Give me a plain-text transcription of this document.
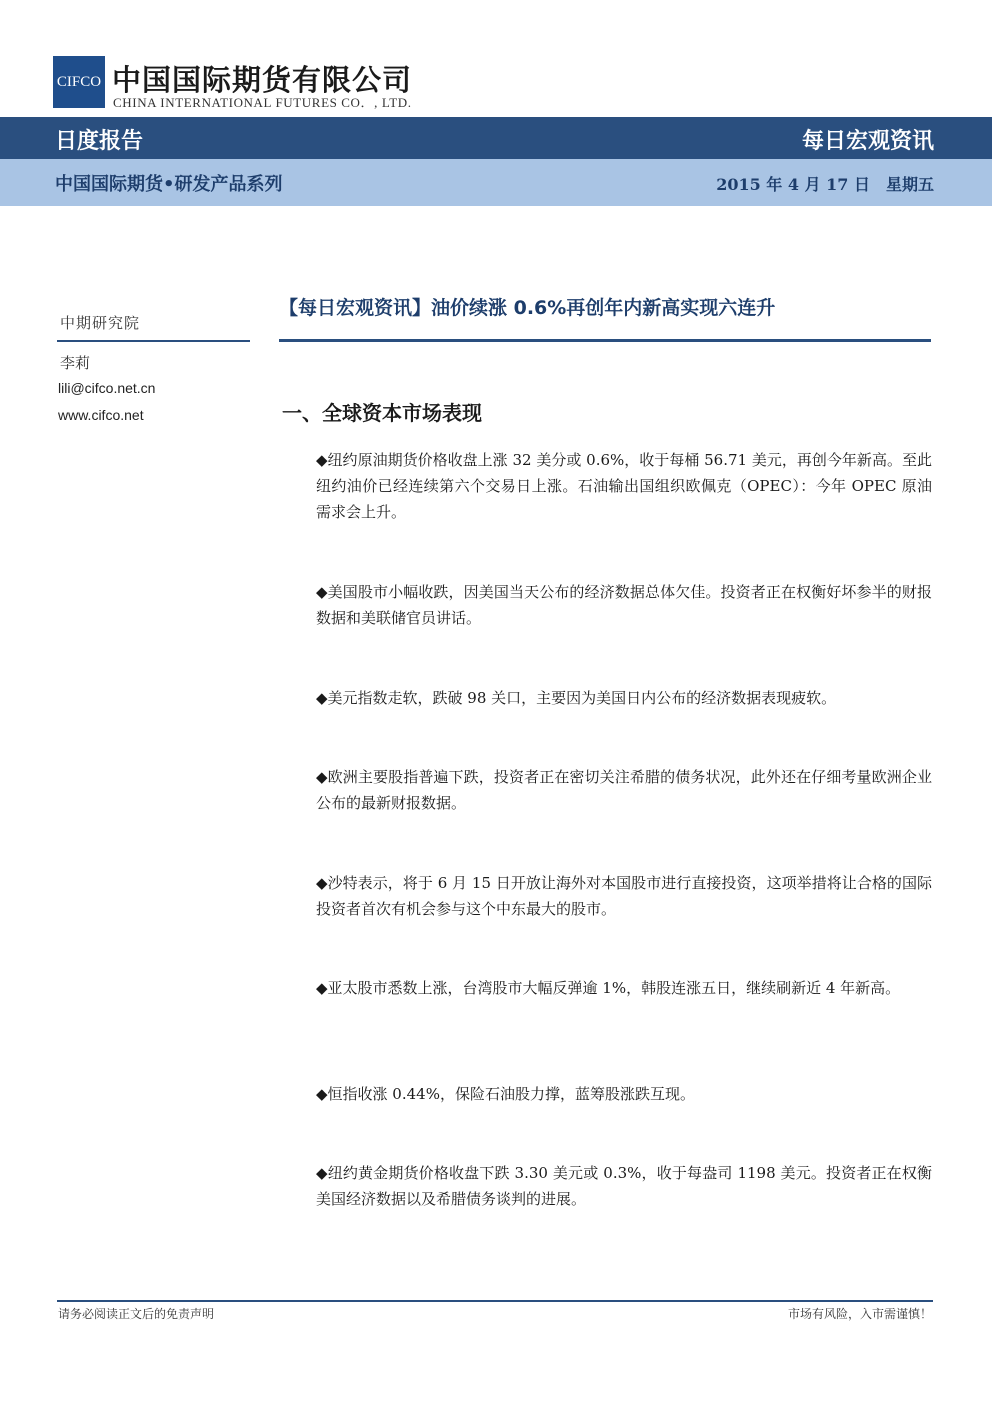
CIFCO 中国国际期货有限公司
CHINA INTERNATIONAL FUTURES CO．, LTD.
日度报告	每日宏观资讯
中国国际期货•研发产品系列	2015 年 4 月 17 日　星期五
中期研究院
李莉
lili@cifco.net.cn
www.cifco.net
【每日宏观资讯】油价续涨 0.6%再创年内新高实现六连升
一、全球资本市场表现
◆纽约原油期货价格收盘上涨 32 美分或 0.6%，收于每桶 56.71 美元，再创今年新高。至此纽约油价已经连续第六个交易日上涨。石油输出国组织欧佩克（OPEC）：今年 OPEC 原油需求会上升。
◆美国股市小幅收跌，因美国当天公布的经济数据总体欠佳。投资者正在权衡好坏参半的财报数据和美联储官员讲话。
◆美元指数走软，跌破 98 关口，主要因为美国日内公布的经济数据表现疲软。
◆欧洲主要股指普遍下跌，投资者正在密切关注希腊的债务状况，此外还在仔细考量欧洲企业公布的最新财报数据。
◆沙特表示，将于 6 月 15 日开放让海外对本国股市进行直接投资，这项举措将让合格的国际投资者首次有机会参与这个中东最大的股市。
◆亚太股市悉数上涨，台湾股市大幅反弹逾 1%，韩股连涨五日，继续刷新近 4 年新高。
◆恒指收涨 0.44%，保险石油股力撑，蓝筹股涨跌互现。
◆纽约黄金期货价格收盘下跌 3.30 美元或 0.3%，收于每盎司 1198 美元。投资者正在权衡美国经济数据以及希腊债务谈判的进展。
请务必阅读正文后的免责声明	市场有风险，入市需谨慎！
